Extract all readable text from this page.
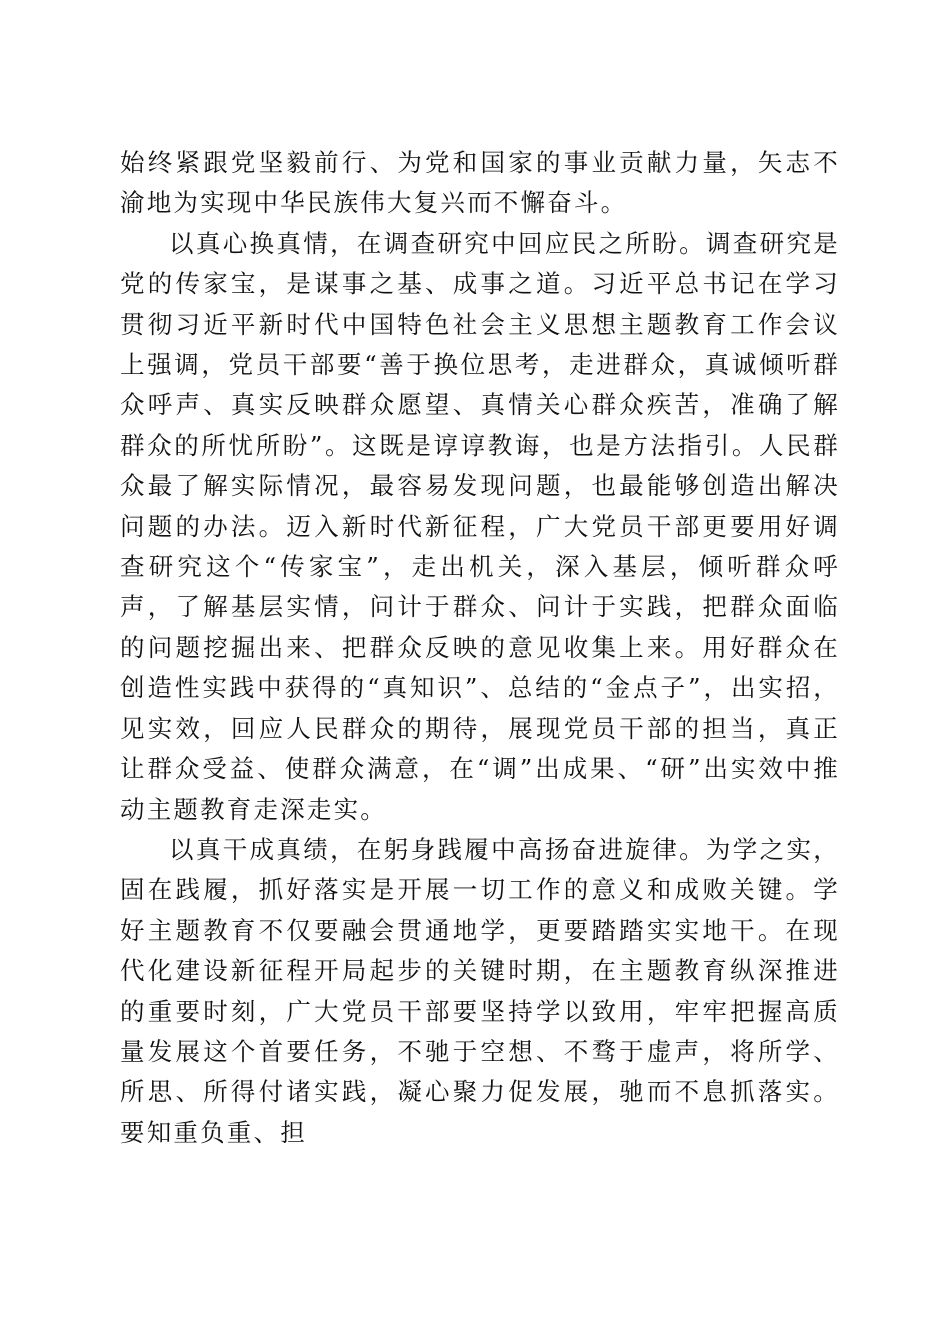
始终紧跟党坚毅前行、为党和国家的事业贡献力量，矢志不渝地为实现中华民族伟大复兴而不懈奋斗。

以真心换真情，在调查研究中回应民之所盼。调查研究是党的传家宝，是谋事之基、成事之道。习近平总书记在学习贯彻习近平新时代中国特色社会主义思想主题教育工作会议上强调，党员干部要“善于换位思考，走进群众，真诚倾听群众呼声、真实反映群众愿望、真情关心群众疾苦，准确了解群众的所忧所盼”。这既是谆谆教诲，也是方法指引。人民群众最了解实际情况，最容易发现问题，也最能够创造出解决问题的办法。迈入新时代新征程，广大党员干部更要用好调查研究这个“传家宝”，走出机关，深入基层，倾听群众呼声，了解基层实情，问计于群众、问计于实践，把群众面临的问题挖掘出来、把群众反映的意见收集上来。用好群众在创造性实践中获得的“真知识”、总结的“金点子”，出实招，见实效，回应人民群众的期待，展现党员干部的担当，真正让群众受益、使群众满意，在“调”出成果、“研”出实效中推动主题教育走深走实。

以真干成真绩，在躬身践履中高扬奋进旋律。为学之实，固在践履，抓好落实是开展一切工作的意义和成败关键。学好主题教育不仅要融会贯通地学，更要踏踏实实地干。在现代化建设新征程开局起步的关键时期，在主题教育纵深推进的重要时刻，广大党员干部要坚持学以致用，牢牢把握高质量发展这个首要任务，不驰于空想、不骛于虚声，将所学、所思、所得付诸实践，凝心聚力促发展，驰而不息抓落实。要知重负重、担
